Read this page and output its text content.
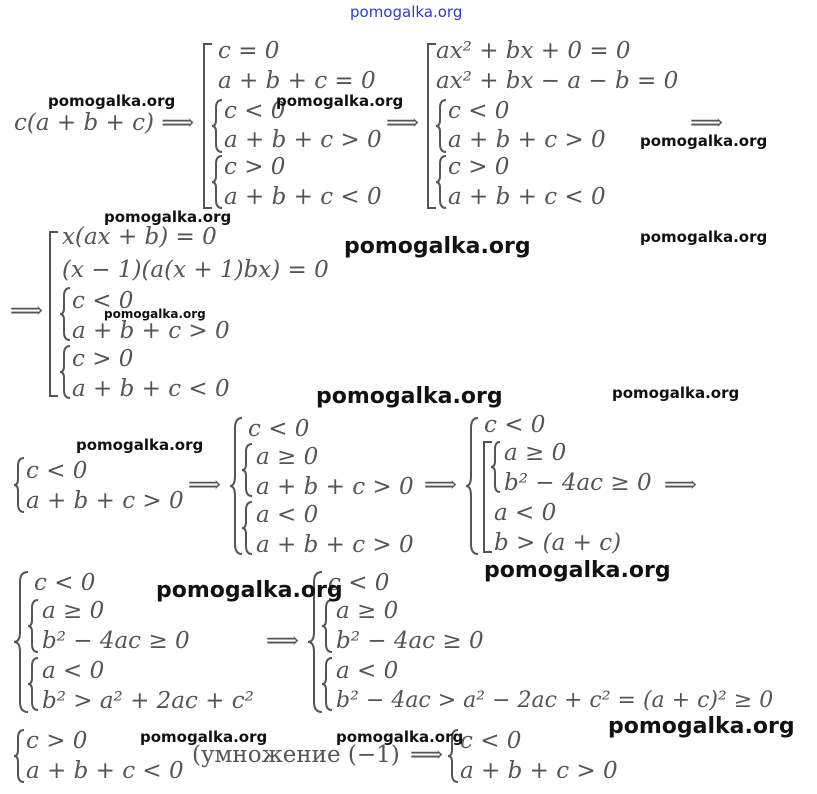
pomogalka.org
c(a + b + c) ⟹
c = 0
a + b + c = 0
c < 0
a + b + c > 0
c > 0
a + b + c < 0
⟹
ax² + bx + 0 = 0
ax² + bx − a − b = 0
c < 0
a + b + c > 0
c > 0
a + b + c < 0
⟹
⟹
x(ax + b) = 0
(x − 1)(a(x + 1)bx) = 0
c < 0
a + b + c > 0
c > 0
a + b + c < 0
c < 0
a + b + c > 0
⟹
c < 0
a ≥ 0
a + b + c > 0
a < 0
a + b + c > 0
⟹
c < 0
a ≥ 0
b² − 4ac ≥ 0
a < 0
b > (a + c)
⟹
c < 0
a ≥ 0
b² − 4ac ≥ 0
a < 0
b² > a² + 2ac + c²
⟹
c < 0
a ≥ 0
b² − 4ac ≥ 0
a < 0
b² − 4ac > a² − 2ac + c² = (a + c)² ≥ 0
c > 0
a + b + c < 0
(умножение (−1) ⟹
c < 0
a + b + c > 0
pomogalka.org	pomogalka.org
pomogalka.org
pomogalka.org
pomogalka.org	pomogalka.org
pomogalka.org
pomogalka.org	pomogalka.org
pomogalka.org
pomogalka.org
pomogalka.org
pomogalka.org
pomogalka.org	pomogalka.org
